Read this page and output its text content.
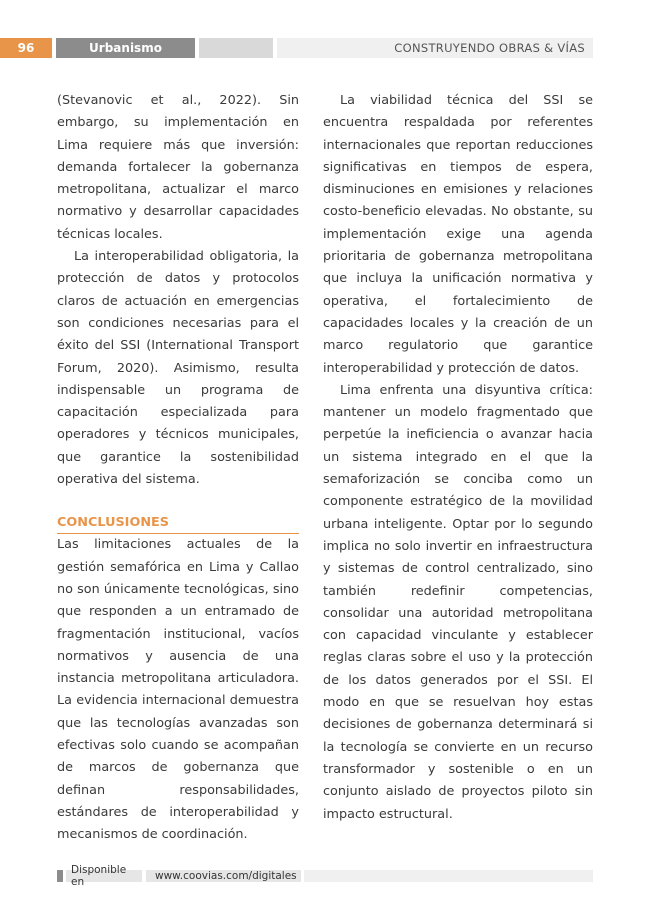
96	Urbanismo	CONSTRUYENDO OBRAS & VÍAS

(Stevanovic et al., 2022). Sin embargo, su implementación en Lima requiere más que inversión: demanda fortalecer la gobernanza metropolitana, actualizar el marco normativo y desarrollar capacidades técnicas locales.

La interoperabilidad obligatoria, la protección de datos y protocolos claros de actuación en emergencias son condiciones necesarias para el éxito del SSI (International Transport Forum, 2020). Asimismo, resulta indispensable un programa de capacitación especializada para operadores y técnicos municipales, que garantice la sostenibilidad operativa del sistema.

CONCLUSIONES

Las limitaciones actuales de la gestión semafórica en Lima y Callao no son únicamente tecnológicas, sino que responden a un entramado de fragmentación institucional, vacíos normativos y ausencia de una instancia metropolitana articuladora. La evidencia internacional demuestra que las tecnologías avanzadas son efectivas solo cuando se acompañan de marcos de gobernanza que definan responsabilidades, estándares de interoperabilidad y mecanismos de coordinación.

La viabilidad técnica del SSI se encuentra respaldada por referentes internacionales que reportan reducciones significativas en tiempos de espera, disminuciones en emisiones y relaciones costo-beneficio elevadas. No obstante, su implementación exige una agenda prioritaria de gobernanza metropolitana que incluya la unificación normativa y operativa, el fortalecimiento de capacidades locales y la creación de un marco regulatorio que garantice interoperabilidad y protección de datos.

Lima enfrenta una disyuntiva crítica: mantener un modelo fragmentado que perpetúe la ineficiencia o avanzar hacia un sistema integrado en el que la semaforización se conciba como un componente estratégico de la movilidad urbana inteligente. Optar por lo segundo implica no solo invertir en infraestructura y sistemas de control centralizado, sino también redefinir competencias, consolidar una autoridad metropolitana con capacidad vinculante y establecer reglas claras sobre el uso y la protección de los datos generados por el SSI. El modo en que se resuelvan hoy estas decisiones de gobernanza determinará si la tecnología se convierte en un recurso transformador y sostenible o en un conjunto aislado de proyectos piloto sin impacto estructural.

Disponible en	www.coovias.com/digitales
